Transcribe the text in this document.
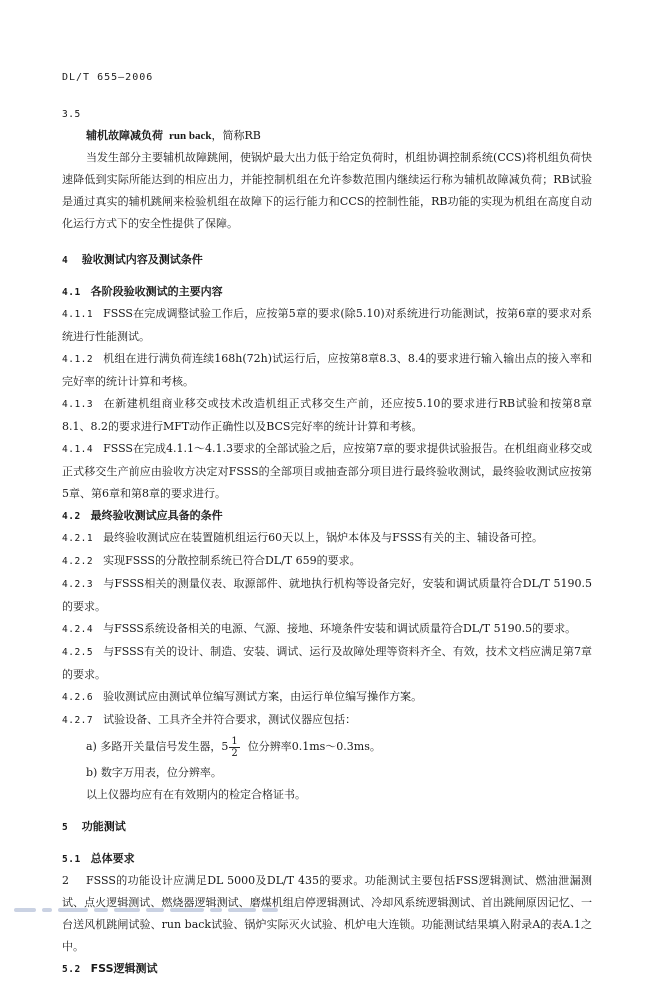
DL/T 655—2006
3.5
辅机故障减负荷 run back，简称RB

当发生部分主要辅机故障跳闸，使锅炉最大出力低于给定负荷时，机组协调控制系统(CCS)将机组负荷快速降低到实际所能达到的相应出力，并能控制机组在允许参数范围内继续运行称为辅机故障减负荷；RB试验是通过真实的辅机跳闸来检验机组在故障下的运行能力和CCS的控制性能，RB功能的实现为机组在高度自动化运行方式下的安全性提供了保障。

4 验收测试内容及测试条件
4.1 各阶段验收测试的主要内容

4.1.1 FSSS在完成调整试验工作后，应按第5章的要求(除5.10)对系统进行功能测试，按第6章的要求对系统进行性能测试。

4.1.2 机组在进行满负荷连续168h(72h)试运行后，应按第8章8.3、8.4的要求进行输入输出点的接入率和完好率的统计计算和考核。

4.1.3 在新建机组商业移交或技术改造机组正式移交生产前，还应按5.10的要求进行RB试验和按第8章8.1、8.2的要求进行MFT动作正确性以及BCS完好率的统计计算和考核。

4.1.4 FSSS在完成4.1.1～4.1.3要求的全部试验之后，应按第7章的要求提供试验报告。在机组商业移交或正式移交生产前应由验收方决定对FSSS的全部项目或抽查部分项目进行最终验收测试，最终验收测试应按第5章、第6章和第8章的要求进行。

4.2 最终验收测试应具备的条件

4.2.1 最终验收测试应在装置随机组运行60天以上，锅炉本体及与FSSS有关的主、辅设备可控。

4.2.2 实现FSSS的分散控制系统已符合DL/T 659的要求。

4.2.3 与FSSS相关的测量仪表、取源部件、就地执行机构等设备完好，安装和调试质量符合DL/T 5190.5的要求。

4.2.4 与FSSS系统设备相关的电源、气源、接地、环境条件安装和调试质量符合DL/T 5190.5的要求。

4.2.5 与FSSS有关的设计、制造、安装、调试、运行及故障处理等资料齐全、有效，技术文档应满足第7章的要求。

4.2.6 验收测试应由测试单位编写测试方案，由运行单位编写操作方案。

4.2.7 试验设备、工具齐全并符合要求，测试仪器应包括：

a) 多路开关量信号发生器，$5 \frac{1}{2}$ 位分辨率0.1ms～0.3ms。
b) 数字万用表，位分辨率。
以上仪器均应有在有效期内的检定合格证书。
5 功能测试
5.1 总体要求

FSSS的功能设计应满足DL 5000及DL/T 435的要求。功能测试主要包括FSS逻辑测试、燃油泄漏测试、点火逻辑测试、燃烧器逻辑测试、磨煤机组启停逻辑测试、冷却风系统逻辑测试、首出跳闸原因记忆、一台送风机跳闸试验、run back试验、锅炉实际灭火试验、机炉电大连锁。功能测试结果填入附录A的表A.1之中。

5.2 FSS逻辑测试
2
